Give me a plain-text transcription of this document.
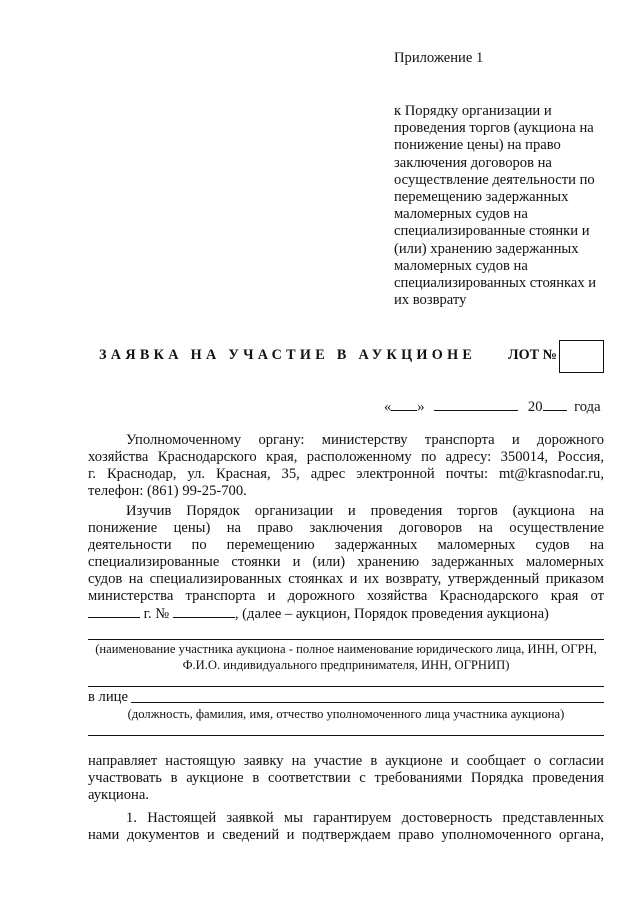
Приложение 1
к Порядку организации и
проведения торгов (аукциона на
понижение цены) на право
заключения договоров на
осуществление деятельности по
перемещению задержанных
маломерных судов на
специализированные стоянки и
(или) хранению задержанных
маломерных судов на
специализированных стоянках и
их возврату
ЗАЯВКА НА УЧАСТИЕ В АУКЦИОНЕ ЛОТ №
« »	20 года
Уполномоченному органу: министерству транспорта и дорожного
хозяйства Краснодарского края, расположенному по адресу: 350014, Россия,
г. Краснодар, ул. Красная, 35, адрес электронной почты: mt@krasnodar.ru,
телефон: (861) 99-25-700.
Изучив Порядок организации и проведения торгов (аукциона на
понижение цены) на право заключения договоров на осуществление
деятельности по перемещению задержанных маломерных судов на
специализированные стоянки и (или) хранению задержанных маломерных
судов на специализированных стоянках и их возврату, утвержденный приказом
министерства транспорта и дорожного хозяйства Краснодарского края от
г. №	, (далее – аукцион, Порядок проведения аукциона)
(наименование участника аукциона - полное наименование юридического лица, ИНН, ОГРН,
Ф.И.О. индивидуального предпринимателя, ИНН, ОГРНИП)
в лице
(должность, фамилия, имя, отчество уполномоченного лица участника аукциона)
направляет настоящую заявку на участие в аукционе и сообщает о согласии
участвовать в аукционе в соответствии с требованиями Порядка проведения
аукциона.
1. Настоящей заявкой мы гарантируем достоверность представленных
нами документов и сведений и подтверждаем право уполномоченного органа,
